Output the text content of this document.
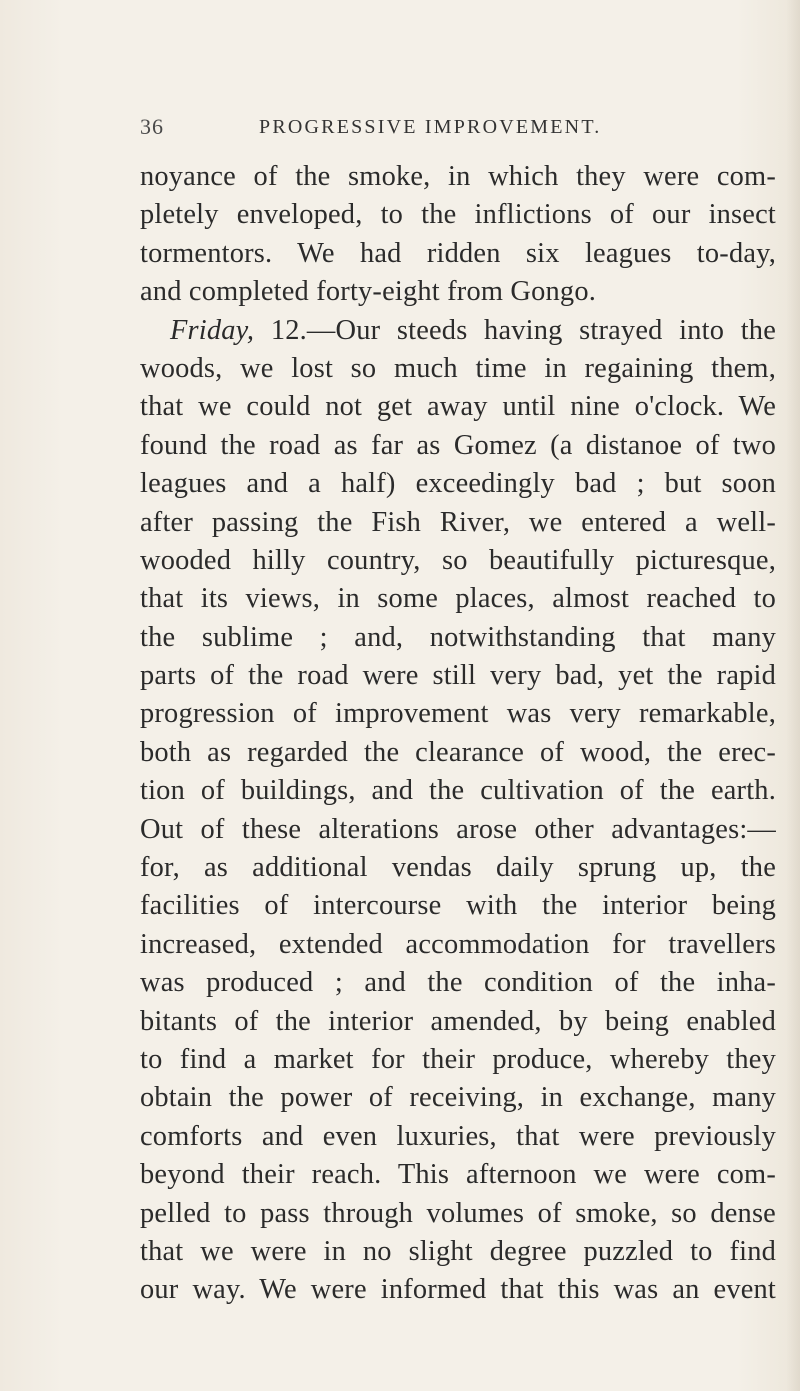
36	PROGRESSIVE IMPROVEMENT.
noyance of the smoke, in which they were com-
pletely enveloped, to the inflictions of our insect
tormentors. We had ridden six leagues to-day,
and completed forty-eight from Gongo.
Friday, 12.—Our steeds having strayed into the
woods, we lost so much time in regaining them,
that we could not get away until nine o'clock. We
found the road as far as Gomez (a distanoe of two
leagues and a half) exceedingly bad ; but soon
after passing the Fish River, we entered a well-
wooded hilly country, so beautifully picturesque,
that its views, in some places, almost reached to
the sublime ; and, notwithstanding that many
parts of the road were still very bad, yet the rapid
progression of improvement was very remarkable,
both as regarded the clearance of wood, the erec-
tion of buildings, and the cultivation of the earth.
Out of these alterations arose other advantages:—
for, as additional vendas daily sprung up, the
facilities of intercourse with the interior being
increased, extended accommodation for travellers
was produced ; and the condition of the inha-
bitants of the interior amended, by being enabled
to find a market for their produce, whereby they
obtain the power of receiving, in exchange, many
comforts and even luxuries, that were previously
beyond their reach. This afternoon we were com-
pelled to pass through volumes of smoke, so dense
that we were in no slight degree puzzled to find
our way. We were informed that this was an event
